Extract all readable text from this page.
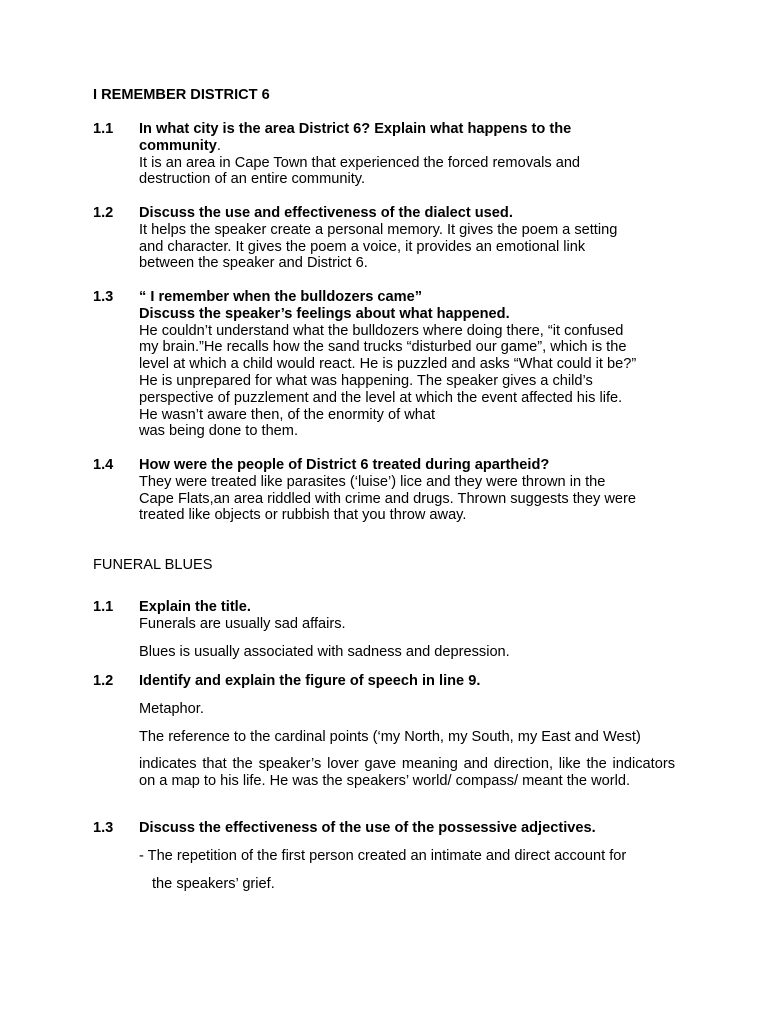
I REMEMBER DISTRICT 6
1.1 In what city is the area District 6? Explain what happens to the
community.
It is an area in Cape Town that experienced the forced removals and
destruction of an entire community.
1.2 Discuss the use and effectiveness of the dialect used.
It helps the speaker create a personal memory. It gives the poem a setting
and character. It gives the poem a voice, it provides an emotional link
between the speaker and District 6.
1.3 “ I remember when the bulldozers came”
Discuss the speaker’s feelings about what happened.
He couldn’t understand what the bulldozers where doing there, “it confused
my brain.”He recalls how the sand trucks “disturbed our game”, which is the
level at which a child would react. He is puzzled and asks “What could it be?”
He is unprepared for what was happening. The speaker gives a child’s
perspective of puzzlement and the level at which the event affected his life.
He wasn’t aware then, of the enormity of what
was being done to them.
1.4 How were the people of District 6 treated during apartheid?
They were treated like parasites (‘luise’) lice and they were thrown in the
Cape Flats,an area riddled with crime and drugs. Thrown suggests they were
treated like objects or rubbish that you throw away.
FUNERAL BLUES
1.1 Explain the title.
Funerals are usually sad affairs.
Blues is usually associated with sadness and depression.
1.2 Identify and explain the figure of speech in line 9.
Metaphor.
The reference to the cardinal points (‘my North, my South, my East and West)
indicates that the speaker’s lover gave meaning and direction, like the indicators on a map to his life. He was the speakers’ world/ compass/ meant the world.
1.3 Discuss the effectiveness of the use of the possessive adjectives.
- The repetition of the first person created an intimate and direct account for
the speakers’ grief.
